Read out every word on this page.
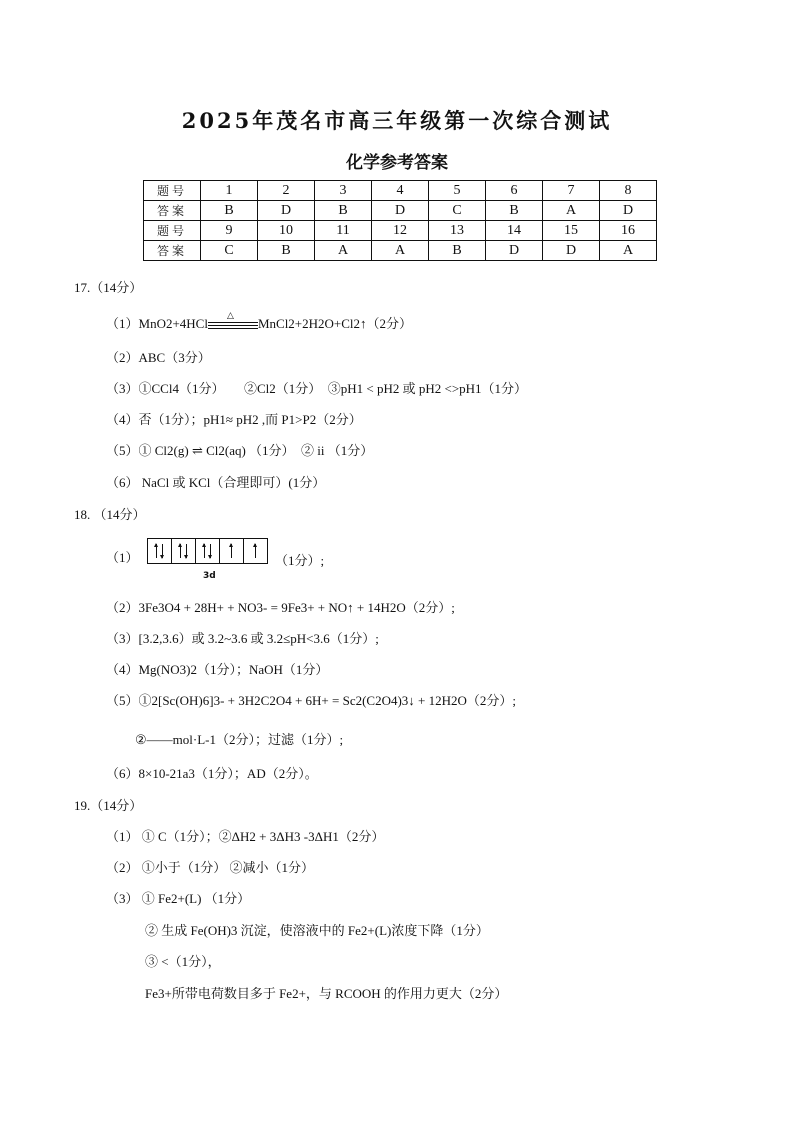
2025年茂名市高三年级第一次综合测试
化学参考答案
题号	1	2	3	4	5	6	7	8
答案	B	D	B	D	C	B	A	D
题号	9	10	11	12	13	14	15	16
答案	C	B	A	A	B	D	D	A
17.（14分）
（1）MnO2+4HCl
△
MnCl2+2H2O+Cl2↑（2分）
（2）ABC（3分）
（3）①CCl4（1分）　　②Cl2（1分）　③pH1 < pH2 或 pH2 <>pH1（1分）
（4）否（1分）；pH1≈ pH2 ,而 P1>P2（2分）
（5）① Cl2(g) ⇌ Cl2(aq) （1分）　② ii （1分）
（6） NaCl 或 KCl（合理即可）(1分）
18. （14分）
（1）
3d
（1分）;
（2）3Fe3O4 + 28H+ + NO3- = 9Fe3+ + NO↑ + 14H2O（2分）;
（3）[3.2,3.6）或 3.2~3.6 或 3.2≤pH<3.6（1分）;
（4）Mg(NO3)2（1分）；NaOH（1分）
（5）①2[Sc(OH)6]3- + 3H2C2O4 + 6H+ = Sc2(C2O4)3↓ + 12H2O（2分）;
②——mol·L-1（2分）；过滤（1分）;
（6）8×10-21a3（1分）；AD（2分）。
19.（14分）
（1） ① C（1分）；②ΔH2 + 3ΔH3 -3ΔH1（2分）
（2） ①小于（1分） ②减小（1分）
（3） ① Fe2+(L) （1分）
② 生成 Fe(OH)3 沉淀，使溶液中的 Fe2+(L)浓度下降（1分）
③ <（1分），
Fe3+所带电荷数目多于 Fe2+，与 RCOOH 的作用力更大（2分）
